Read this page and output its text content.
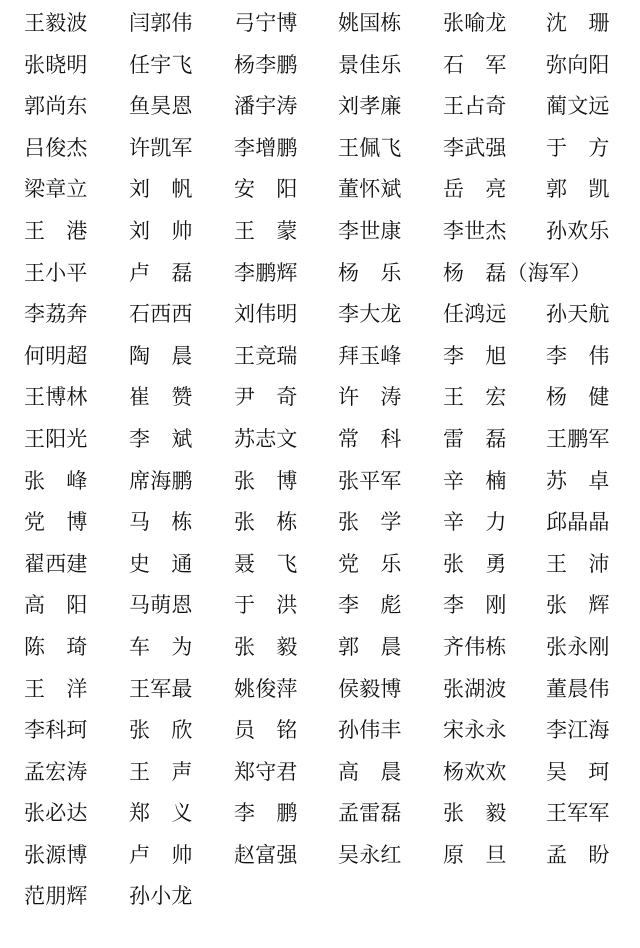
王毅波 闫郭伟 弓宁博 姚国栋 张喻龙 沈　珊
张晓明 任宇飞 杨李鹏 景佳乐 石　军 弥向阳
郭尚东 鱼昊恩 潘宇涛 刘孝廉 王占奇 蔺文远
吕俊杰 许凯军 李增鹏 王佩飞 李武强 于　方
梁章立 刘　帆 安　阳 董怀斌 岳　亮 郭　凯
王　港 刘　帅 王　蒙 李世康 李世杰 孙欢乐
王小平 卢　磊 李鹏辉 杨　乐 杨　磊（海军）
李荔奔 石西西 刘伟明 李大龙 任鸿远 孙天航
何明超 陶　晨 王竞瑞 拜玉峰 李　旭 李　伟
王博林 崔　赞 尹　奇 许　涛 王　宏 杨　健
王阳光 李　斌 苏志文 常　科 雷　磊 王鹏军
张　峰 席海鹏 张　博 张平军 辛　楠 苏　卓
党　博 马　栋 张　栋 张　学 辛　力 邱晶晶
翟西建 史　通 聂　飞 党　乐 张　勇 王　沛
高　阳 马萌恩 于　洪 李　彪 李　刚 张　辉
陈　琦 车　为 张　毅 郭　晨 齐伟栋 张永刚
王　洋 王军最 姚俊萍 侯毅博 张湖波 董晨伟
李科珂 张　欣 员　铭 孙伟丰 宋永永 李江海
孟宏涛 王　声 郑守君 高　晨 杨欢欢 吴　珂
张必达 郑　义 李　鹏 孟雷磊 张　毅 王军军
张源博 卢　帅 赵富强 吴永红 原　旦 孟　盼
范朋辉 孙小龙
